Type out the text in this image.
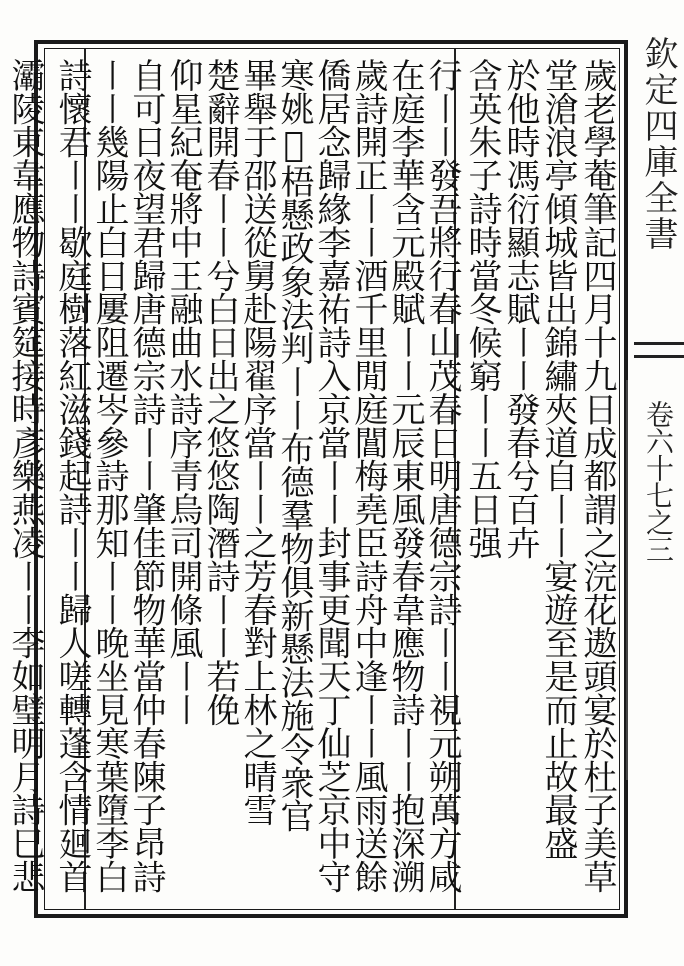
欽定四庫全書
卷六十七之三
歲老學菴筆記四月十九日成都謂之浣花遨頭宴於杜子美草
堂滄浪亭傾城皆出錦繡夾道自〡〡宴遊至是而止故最盛
於他時馮衍顯志賦〡〡發春兮百卉
含英朱子詩時當冬候窮〡〡五日强
行〡〡發吾將行春山茂春日明唐德宗詩〡〡視元朔萬方咸
在庭李華含元殿賦〡〡元辰東風發春韋應物詩〡〡抱深溯
歲詩開正〡〡酒千里閒庭閶梅堯臣詩舟中逢〡〡風雨送餘
僑居念歸緣李嘉祐詩入京當〡〡封事更聞天丁仙芝京中守
寒姚𭪙梧懸政象法判〡〡布德羣物俱新懸法施令衆官
畢舉于邵送從舅赴陽翟序當〡〡之芳春對上林之晴雪
楚辭開春〡〡兮白日出之悠悠陶潛詩〡〡若俛
仰星紀奄將中王融曲水詩序青烏司開條風〡〡
自可日夜望君歸唐德宗詩〡〡肇佳節物華當仲春陳子昂詩
〡〡幾陽止白日屢阻遷岑參詩那知〡〡晚坐見寒葉墮李白
詩懷君〡〡歇庭樹落紅滋錢起詩〡〡歸人嗟轉蓬含情廻首
灞陵東韋應物詩賓筵接時彥樂燕凌〡〡李如璧明月詩巳悲
